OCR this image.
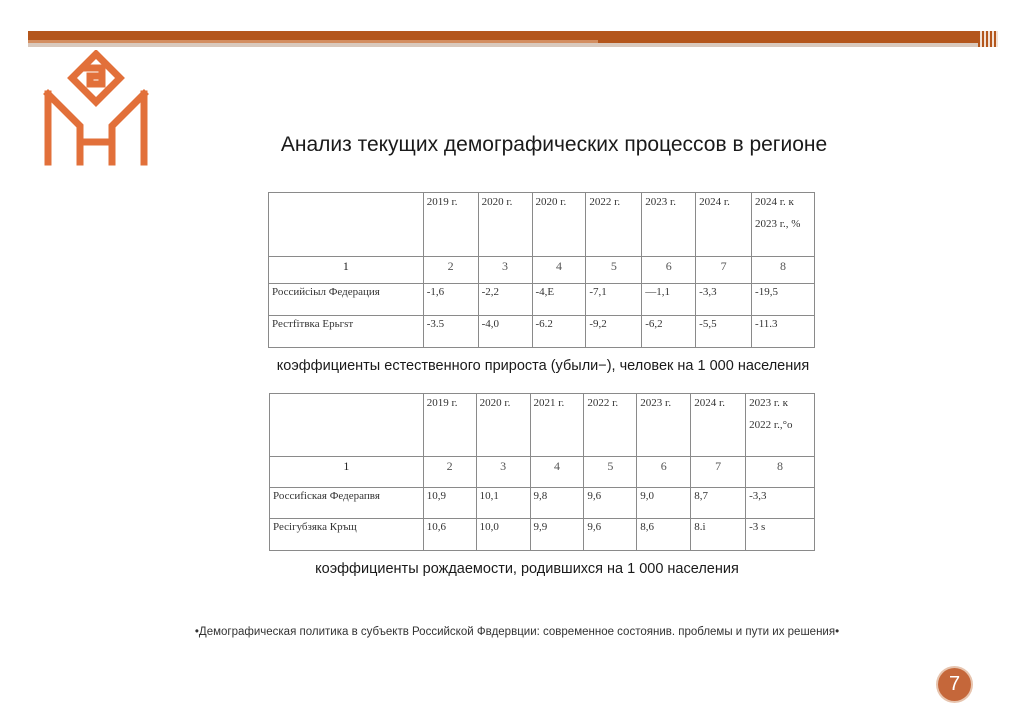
Анализ текущих демографических процессов в регионе
	2019 г.	2020 г.	2020 г.	2022 г.	2023 г.	2024 г.	2024 г. к
2023 г., %

1	2	3	4	5	6	7	8
Российсiыл Федерация	-1,6	-2,2	-4,E	-7,1	—1,1	-3,3	-19,5
Рестfiтвка Ерьгsт	-3.5	-4,0	-6.2	-9,2	-6,2	-5,5	-11.3
коэффициенты естественного прироста (убыли−), человек на 1 000 населения
	2019 г.	2020 г.	2021 г.	2022 г.	2023 г.	2024 г.	2023 г. к
2022 г.,°о

1	2	3	4	5	6	7	8
Россиfiская Федерапвя	10,9	10,1	9,8	9,6	9,0	8,7	-3,3
Ресiгубзяка Кръщ	10,6	10,0	9,9	9,6	8,6	8.i	-3 s
коэффициенты рождаемости, родившихся на 1 000 населения
•Демографическая политика в субъектв Российской Фвдервции: современное состоянив. проблемы и пути их решения•
7
